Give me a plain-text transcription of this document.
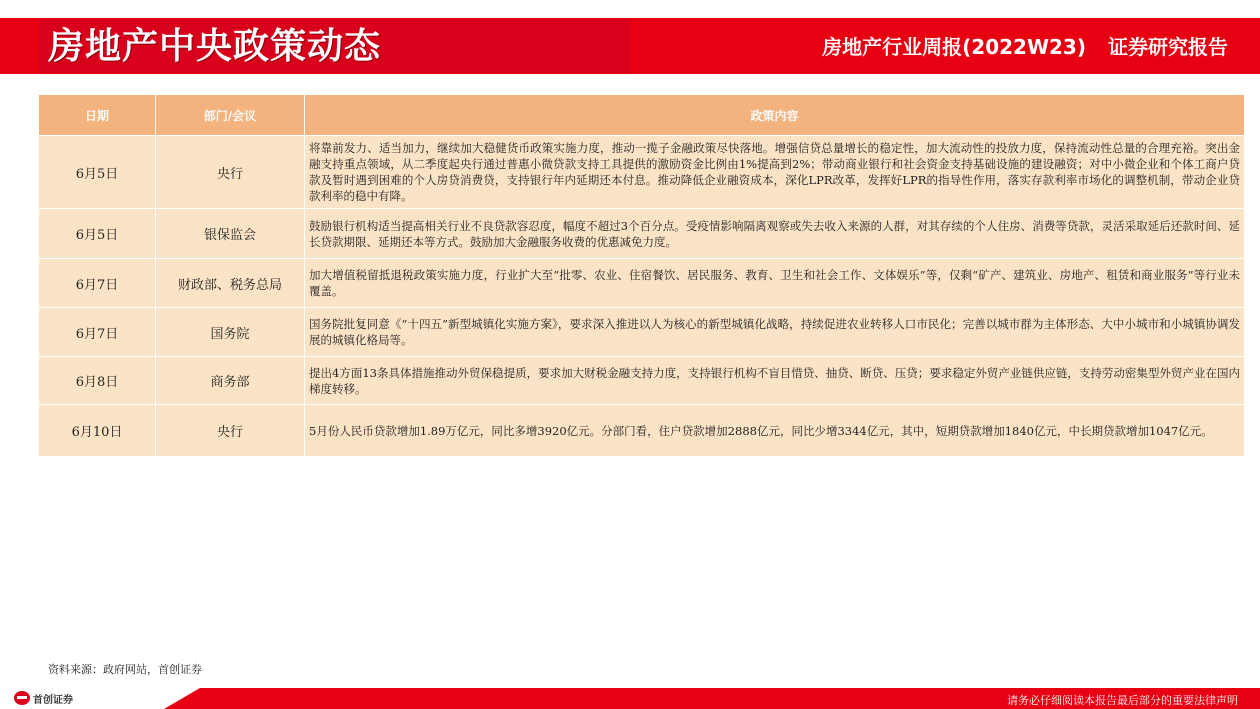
房地产中央政策动态	房地产行业周报(2022W23) 证券研究报告
日期	部门/会议	政策内容
6月5日	央行	将靠前发力、适当加力，继续加大稳健货币政策实施力度，推动一揽子金融政策尽快落地。增强信贷总量增长的稳定性，加大流动性的投放力度，保持流动性总量的合理充裕。突出金融支持重点领域，从二季度起央行通过普惠小微贷款支持工具提供的激励资金比例由1%提高到2%；带动商业银行和社会资金支持基础设施的建设融资；对中小微企业和个体工商户贷款及暂时遇到困难的个人房贷消费贷，支持银行年内延期还本付息。推动降低企业融资成本，深化LPR改革，发挥好LPR的指导性作用，落实存款利率市场化的调整机制，带动企业贷款利率的稳中有降。
6月5日	银保监会	鼓励银行机构适当提高相关行业不良贷款容忍度，幅度不超过3个百分点。受疫情影响隔离观察或失去收入来源的人群，对其存续的个人住房、消费等贷款，灵活采取延后还款时间、延长贷款期限、延期还本等方式。鼓励加大金融服务收费的优惠减免力度。
6月7日	财政部、税务总局	加大增值税留抵退税政策实施力度，行业扩大至“批零、农业、住宿餐饮、居民服务、教育、卫生和社会工作、文体娱乐”等，仅剩“矿产、建筑业、房地产、租赁和商业服务”等行业未覆盖。
6月7日	国务院	国务院批复同意《“十四五”新型城镇化实施方案》，要求深入推进以人为核心的新型城镇化战略，持续促进农业转移人口市民化；完善以城市群为主体形态、大中小城市和小城镇协调发展的城镇化格局等。
6月8日	商务部	提出4方面13条具体措施推动外贸保稳提质，要求加大财税金融支持力度，支持银行机构不盲目惜贷、抽贷、断贷、压贷；要求稳定外贸产业链供应链，支持劳动密集型外贸产业在国内梯度转移。
6月10日	央行	5月份人民币贷款增加1.89万亿元，同比多增3920亿元。分部门看，住户贷款增加2888亿元，同比少增3344亿元，其中，短期贷款增加1840亿元，中长期贷款增加1047亿元。
资料来源：政府网站，首创证券
首创证券	请务必仔细阅读本报告最后部分的重要法律声明
